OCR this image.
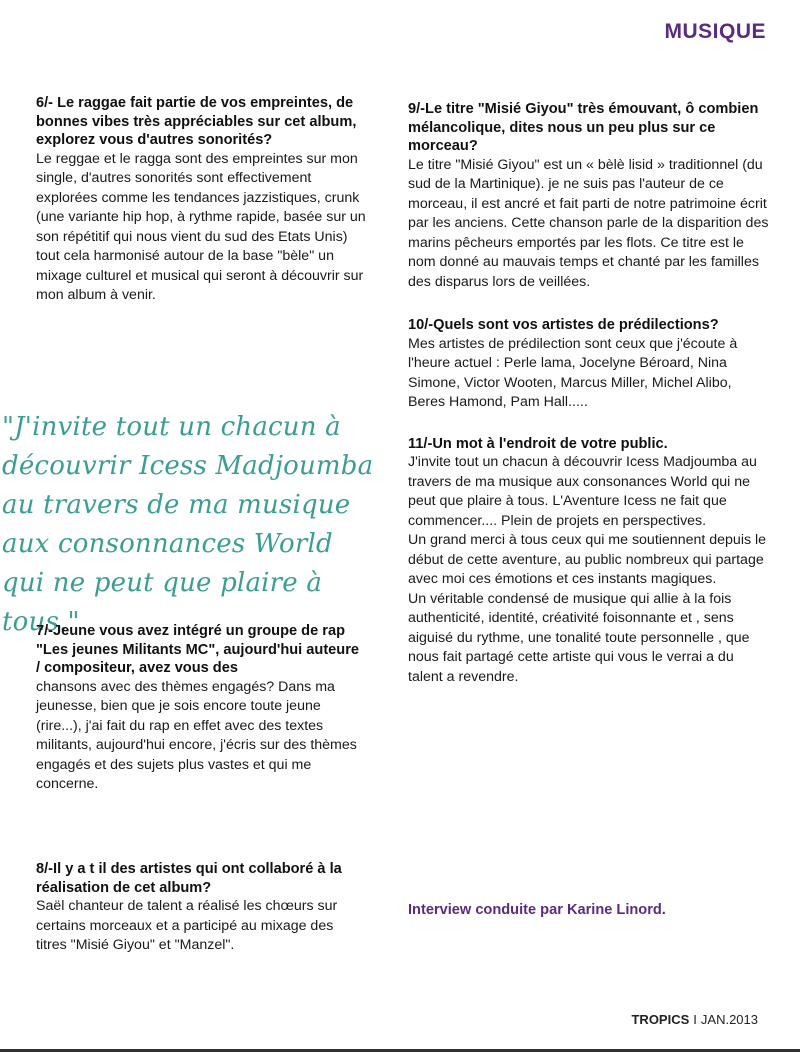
MUSIQUE
6/- Le raggae fait partie de vos empreintes, de bonnes vibes très appréciables sur cet album, explorez vous d'autres sonorités?
Le reggae et le ragga sont des empreintes sur mon single, d'autres sonorités sont effectivement explorées comme les tendances jazzistiques, crunk (une variante hip hop, à rythme rapide, basée sur un son répétitif qui nous vient du sud des Etats Unis) tout cela harmonisé autour de la base "bèle" un mixage culturel et musical qui seront à découvrir sur mon album à venir.
"J'invite tout un chacun à découvrir Icess Madjoumba au travers de ma musique aux consonnances World qui ne peut que plaire à tous."
7/-Jeune vous avez intégré un groupe de rap "Les jeunes Militants MC", aujourd'hui auteure / compositeur, avez vous des
chansons avec des thèmes engagés? Dans ma jeunesse, bien que je sois encore toute jeune (rire...), j'ai fait du rap en effet avec des textes militants, aujourd'hui encore, j'écris sur des thèmes engagés et des sujets plus vastes et qui me concerne.
8/-Il y a t il des artistes qui ont collaboré à la réalisation de cet album?
Saël chanteur de talent a réalisé les chœurs sur certains morceaux et a participé au mixage des titres "Misié Giyou" et "Manzel".
9/-Le titre "Misié Giyou" très émouvant, ô combien mélancolique, dites nous un peu plus sur ce morceau?
Le titre "Misié Giyou" est un « bèlè lisid » traditionnel (du sud de la Martinique). je ne suis pas l'auteur de ce morceau, il est ancré et fait parti de notre patrimoine écrit par les anciens. Cette chanson parle de la disparition des marins pêcheurs emportés par les flots. Ce titre est le nom donné au mauvais temps et chanté par les familles des disparus lors de veillées.
10/-Quels sont vos artistes de prédilections?
Mes artistes de prédilection sont ceux que j'écoute à l'heure actuel : Perle lama, Jocelyne Béroard, Nina Simone, Victor Wooten, Marcus Miller, Michel Alibo, Beres Hamond, Pam Hall.....
11/-Un mot à l'endroit de votre public.

J'invite tout un chacun à découvrir Icess Madjoumba au travers de ma musique aux consonances World qui ne peut que plaire à tous. L'Aventure Icess ne fait que commencer.... Plein de projets en perspectives.

Un grand merci à tous ceux qui me soutiennent depuis le début de cette aventure, au public nombreux qui partage avec moi ces émotions et ces instants magiques.

Un véritable condensé de musique qui allie à la fois authenticité, identité, créativité foisonnante et , sens aiguisé du rythme, une tonalité toute personnelle , que nous fait partagé cette artiste qui vous le verrai a du talent a revendre.

Interview conduite par Karine Linord.
TROPICS I JAN.2013
